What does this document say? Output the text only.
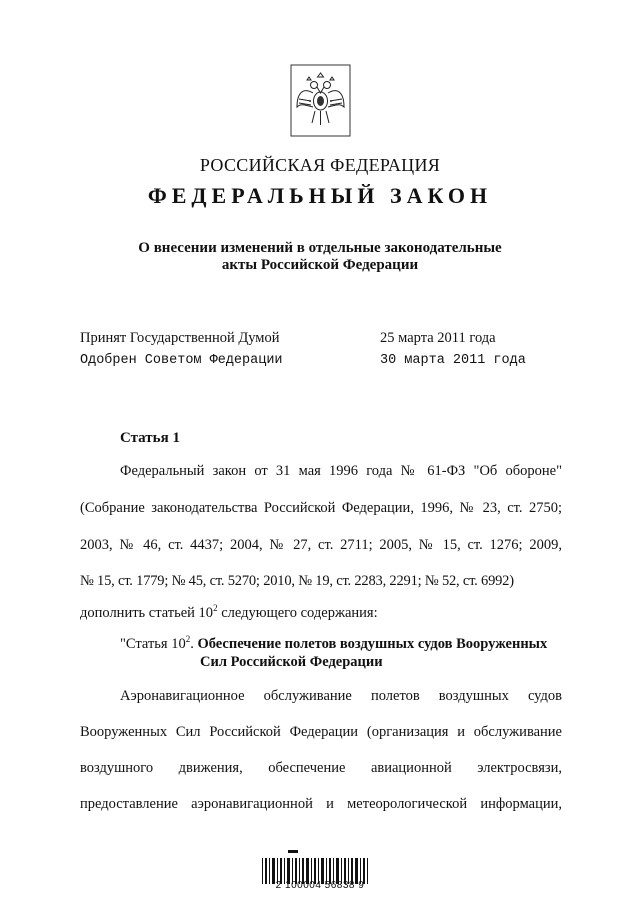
РОССИЙСКАЯ ФЕДЕРАЦИЯ
ФЕДЕРАЛЬНЫЙ ЗАКОН
О внесении изменений в отдельные законодательные
акты Российской Федерации
Принят Государственной Думой	25 марта 2011 года
Одобрен Советом Федерации	30 марта 2011 года
Статья 1
Федеральный закон от 31 мая 1996 года № 61-ФЗ "Об обороне"
(Собрание законодательства Российской Федерации, 1996, № 23, ст. 2750;
2003, № 46, ст. 4437; 2004, № 27, ст. 2711; 2005, № 15, ст. 1276; 2009,
№ 15, ст. 1779; № 45, ст. 5270; 2010, № 19, ст. 2283, 2291; № 52, ст. 6992)
дополнить статьей $10^2$ следующего содержания:
"Статья $10^2$. Обеспечение полетов воздушных судов Вооруженных
Сил Российской Федерации
Аэронавигационное обслуживание полетов воздушных судов
Вооруженных Сил Российской Федерации (организация и обслуживание
воздушного движения, обеспечение авиационной электросвязи,
предоставление аэронавигационной и метеорологической информации,
2 100004 56838 9
